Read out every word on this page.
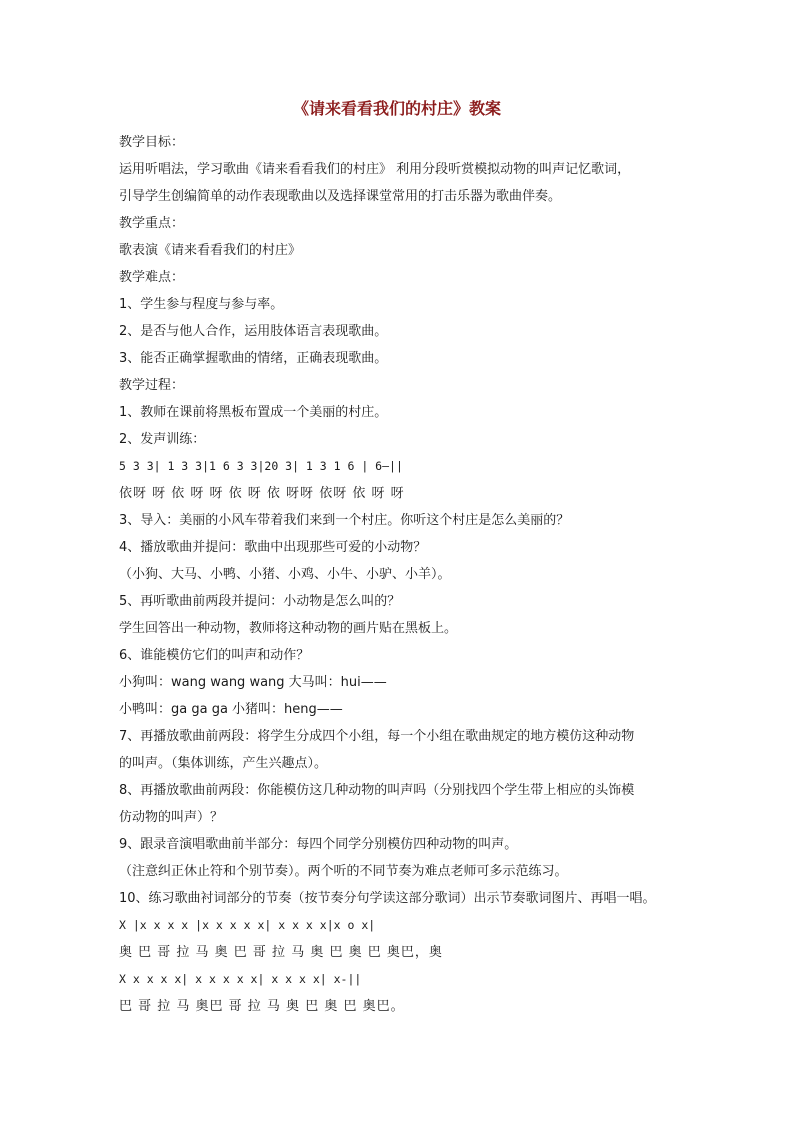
《请来看看我们的村庄》教案
教学目标：
运用听唱法，学习歌曲《请来看看我们的村庄》 利用分段听赏模拟动物的叫声记忆歌词，
引导学生创编简单的动作表现歌曲以及选择课堂常用的打击乐器为歌曲伴奏。
教学重点：
歌表演《请来看看我们的村庄》
教学难点：
1、学生参与程度与参与率。
2、是否与他人合作，运用肢体语言表现歌曲。
3、能否正确掌握歌曲的情绪，正确表现歌曲。
教学过程：
1、教师在课前将黑板布置成一个美丽的村庄。
2、发声训练：
5 3 3| 1 3 3|1 6 3 3|20 3| 1 3 1 6 | 6—||
依呀 呀 依 呀 呀 依 呀 依 呀呀 依呀 依 呀 呀
3、导入：美丽的小风车带着我们来到一个村庄。你听这个村庄是怎么美丽的？
4、播放歌曲并提问：歌曲中出现那些可爱的小动物？
（小狗、大马、小鸭、小猪、小鸡、小牛、小驴、小羊）。
5、再听歌曲前两段并提问：小动物是怎么叫的？
学生回答出一种动物，教师将这种动物的画片贴在黑板上。
6、谁能模仿它们的叫声和动作？
小狗叫：wang wang wang 大马叫：hui——
小鸭叫：ga ga ga 小猪叫：heng——
7、再播放歌曲前两段：将学生分成四个小组，每一个小组在歌曲规定的地方模仿这种动物
的叫声。（集体训练，产生兴趣点）。
8、再播放歌曲前两段：你能模仿这几种动物的叫声吗（分别找四个学生带上相应的头饰模
仿动物的叫声）？
9、跟录音演唱歌曲前半部分：每四个同学分别模仿四种动物的叫声。
（注意纠正休止符和个别节奏）。两个听的不同节奏为难点老师可多示范练习。
10、练习歌曲衬词部分的节奏（按节奏分句学读这部分歌词）出示节奏歌词图片、再唱一唱。
X |x x x x |x x x x x| x x x x|x o x|
奥 巴 哥 拉 马 奥 巴 哥 拉 马 奥 巴 奥 巴 奥巴，奥
X x x x x| x x x x x| x x x x| x-||
巴 哥 拉 马 奥巴 哥 拉 马 奥 巴 奥 巴 奥巴。
